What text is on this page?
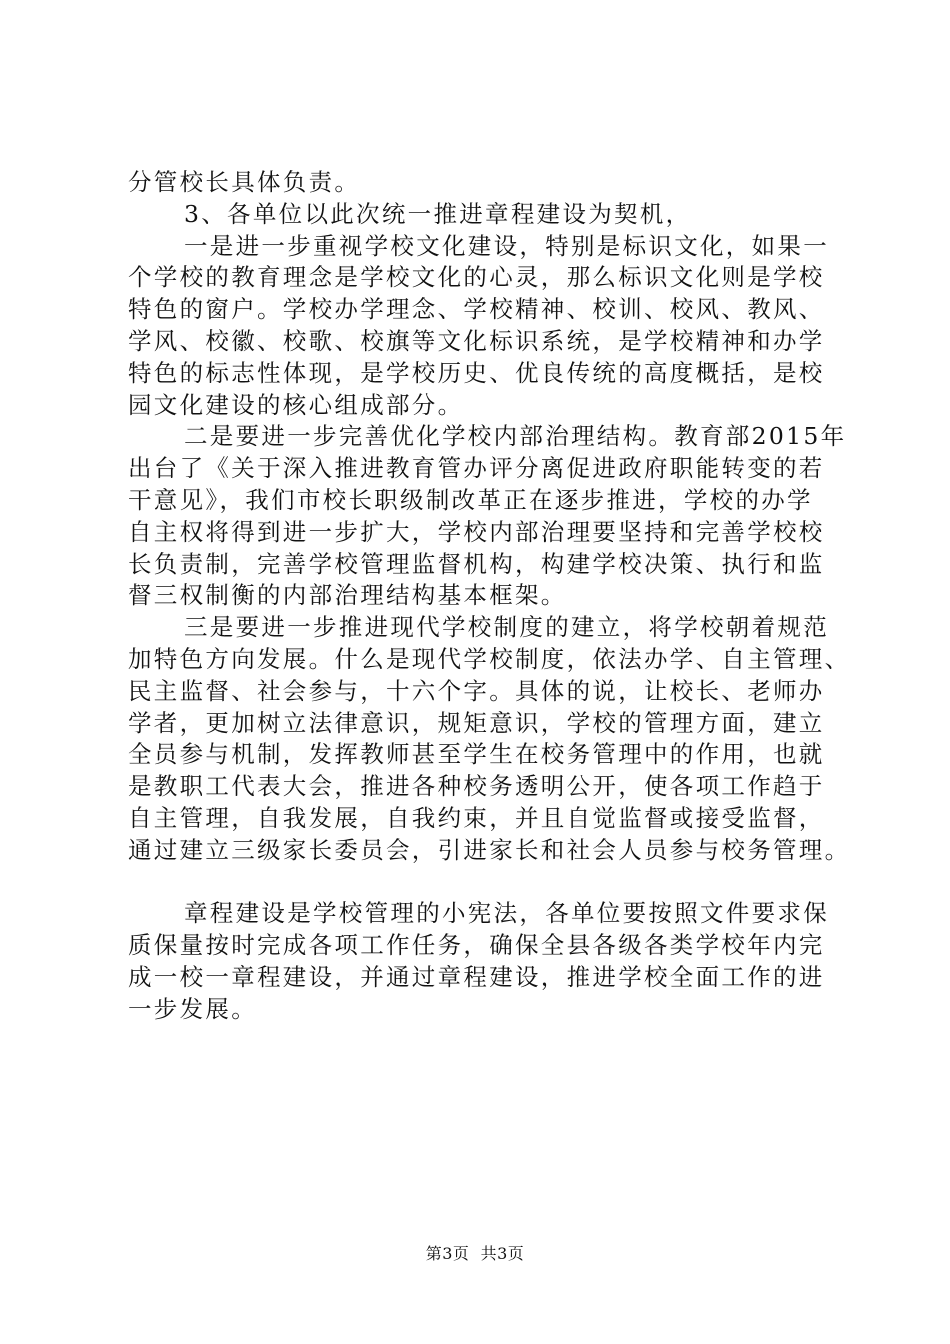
分管校长具体负责。
3、各单位以此次统一推进章程建设为契机，
一是进一步重视学校文化建设，特别是标识文化，如果一
个学校的教育理念是学校文化的心灵，那么标识文化则是学校
特色的窗户。学校办学理念、学校精神、校训、校风、教风、
学风、校徽、校歌、校旗等文化标识系统，是学校精神和办学
特色的标志性体现，是学校历史、优良传统的高度概括，是校
园文化建设的核心组成部分。
二是要进一步完善优化学校内部治理结构。教育部2015年
出台了《关于深入推进教育管办评分离促进政府职能转变的若
干意见》，我们市校长职级制改革正在逐步推进，学校的办学
自主权将得到进一步扩大，学校内部治理要坚持和完善学校校
长负责制，完善学校管理监督机构，构建学校决策、执行和监
督三权制衡的内部治理结构基本框架。
三是要进一步推进现代学校制度的建立，将学校朝着规范
加特色方向发展。什么是现代学校制度，依法办学、自主管理、
民主监督、社会参与，十六个字。具体的说，让校长、老师办
学者，更加树立法律意识，规矩意识，学校的管理方面，建立
全员参与机制，发挥教师甚至学生在校务管理中的作用，也就
是教职工代表大会，推进各种校务透明公开，使各项工作趋于
自主管理，自我发展，自我约束，并且自觉监督或接受监督，
通过建立三级家长委员会，引进家长和社会人员参与校务管理。
章程建设是学校管理的小宪法，各单位要按照文件要求保
质保量按时完成各项工作任务，确保全县各级各类学校年内完
成一校一章程建设，并通过章程建设，推进学校全面工作的进
一步发展。
第3页  共3页
